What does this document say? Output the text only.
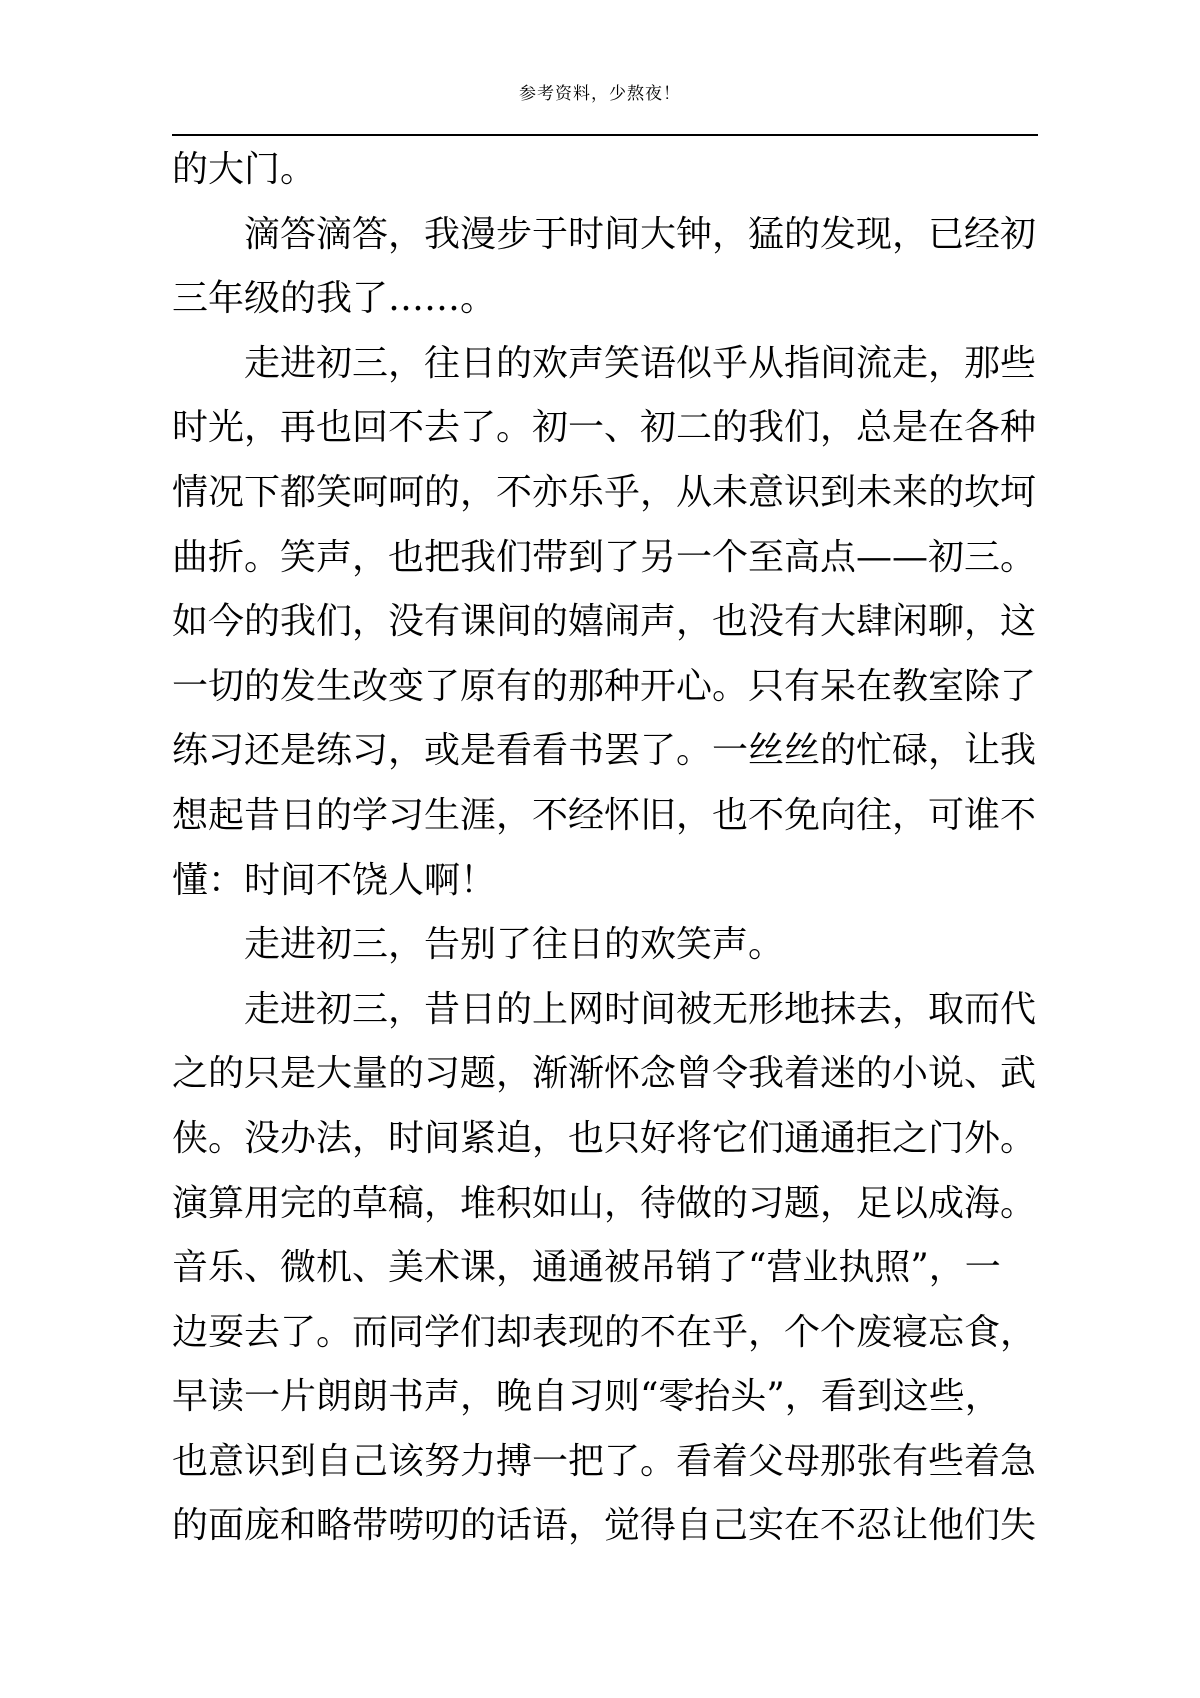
参考资料，少熬夜！
的大门。
滴答滴答，我漫步于时间大钟，猛的发现，已经初
三年级的我了……。
走进初三，往日的欢声笑语似乎从指间流走，那些
时光，再也回不去了。初一、初二的我们，总是在各种
情况下都笑呵呵的，不亦乐乎，从未意识到未来的坎坷
曲折。笑声，也把我们带到了另一个至高点——初三。
如今的我们，没有课间的嬉闹声，也没有大肆闲聊，这
一切的发生改变了原有的那种开心。只有呆在教室除了
练习还是练习，或是看看书罢了。一丝丝的忙碌，让我
想起昔日的学习生涯，不经怀旧，也不免向往，可谁不
懂：时间不饶人啊！
走进初三，告别了往日的欢笑声。
走进初三，昔日的上网时间被无形地抹去，取而代
之的只是大量的习题，渐渐怀念曾令我着迷的小说、武
侠。没办法，时间紧迫，也只好将它们通通拒之门外。
演算用完的草稿，堆积如山，待做的习题，足以成海。
音乐、微机、美术课，通通被吊销了“营业执照”，一
边耍去了。而同学们却表现的不在乎，个个废寝忘食，
早读一片朗朗书声，晚自习则“零抬头”，看到这些，
也意识到自己该努力搏一把了。看着父母那张有些着急
的面庞和略带唠叨的话语，觉得自己实在不忍让他们失
